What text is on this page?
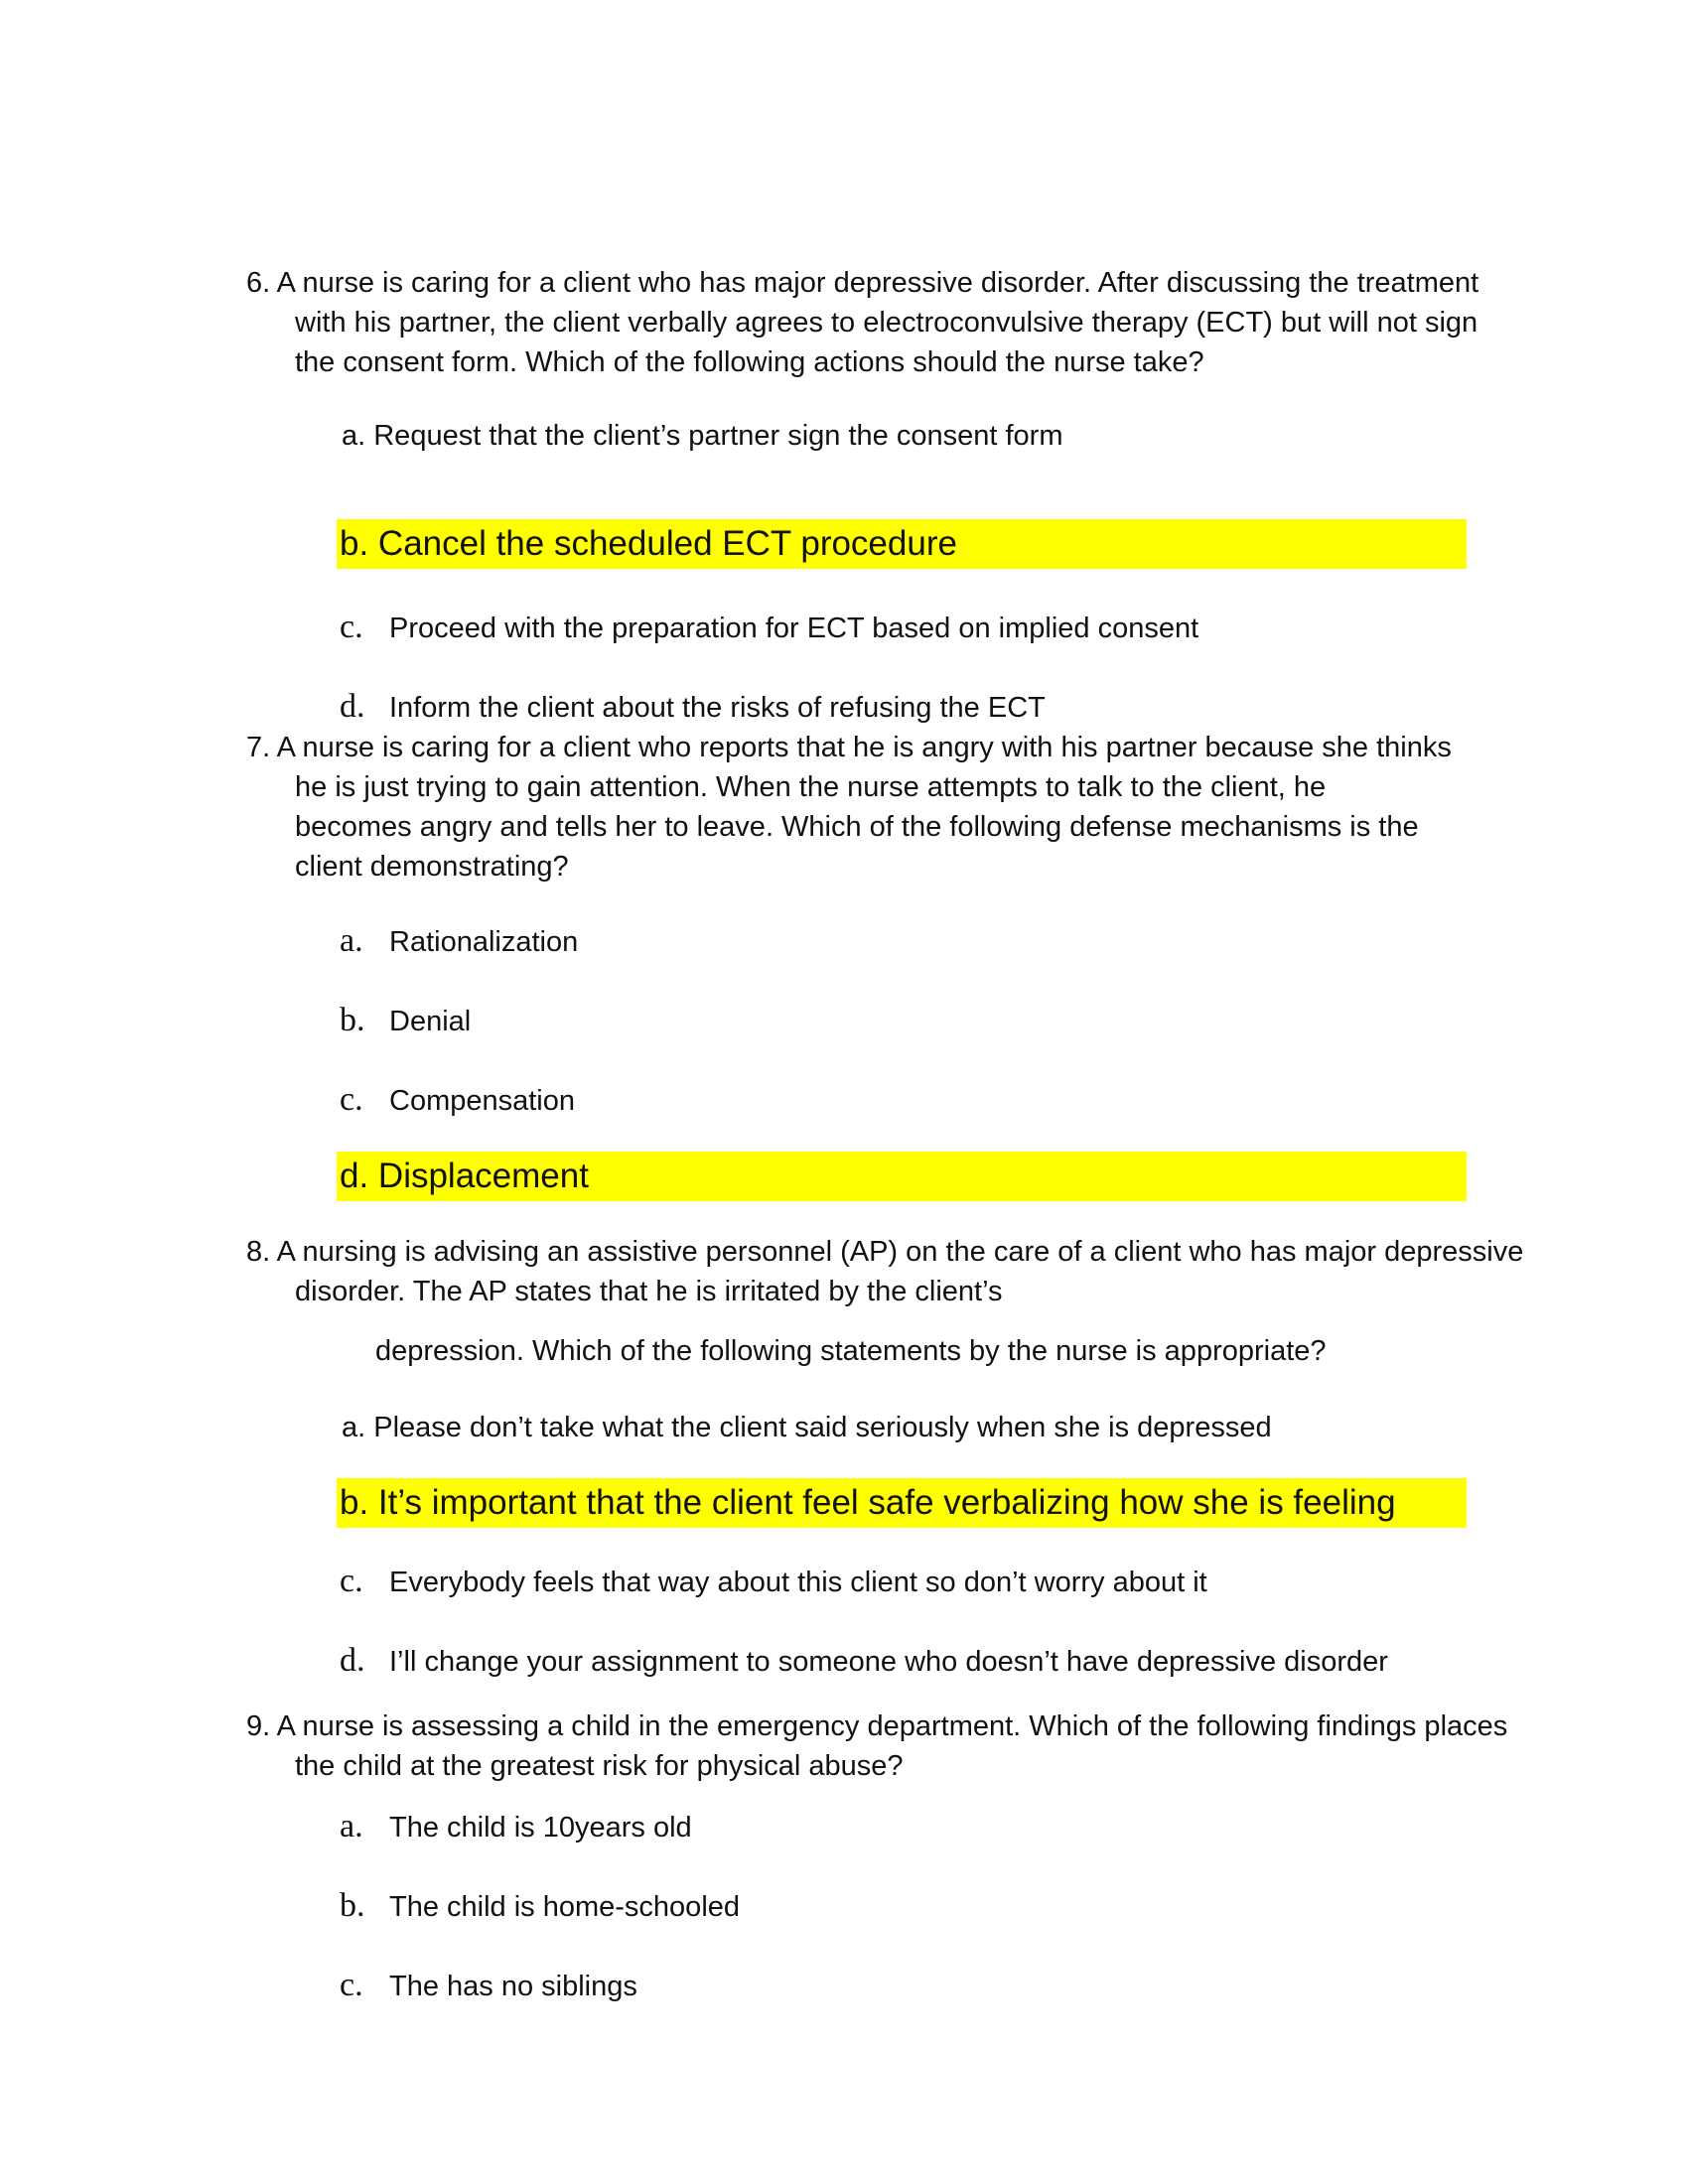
6. A nurse is caring for a client who has major depressive disorder. After discussing the treatment
with his partner, the client verbally agrees to electroconvulsive therapy (ECT) but will not sign
the consent form. Which of the following actions should the nurse take?
a. Request that the client’s partner sign the consent form
b. Cancel the scheduled ECT procedure
c. Proceed with the preparation for ECT based on implied consent
d. Inform the client about the risks of refusing the ECT
7. A nurse is caring for a client who reports that he is angry with his partner because she thinks
he is just trying to gain attention. When the nurse attempts to talk to the client, he
becomes angry and tells her to leave. Which of the following defense mechanisms is the
client demonstrating?
a. Rationalization
b. Denial
c. Compensation
d. Displacement
8. A nursing is advising an assistive personnel (AP) on the care of a client who has major depressive
disorder. The AP states that he is irritated by the client’s
depression. Which of the following statements by the nurse is appropriate?
a. Please don’t take what the client said seriously when she is depressed
b. It’s important that the client feel safe verbalizing how she is feeling
c. Everybody feels that way about this client so don’t worry about it
d. I’ll change your assignment to someone who doesn’t have depressive disorder
9. A nurse is assessing a child in the emergency department. Which of the following findings places
the child at the greatest risk for physical abuse?
a. The child is 10years old
b. The child is home-schooled
c. The has no siblings
